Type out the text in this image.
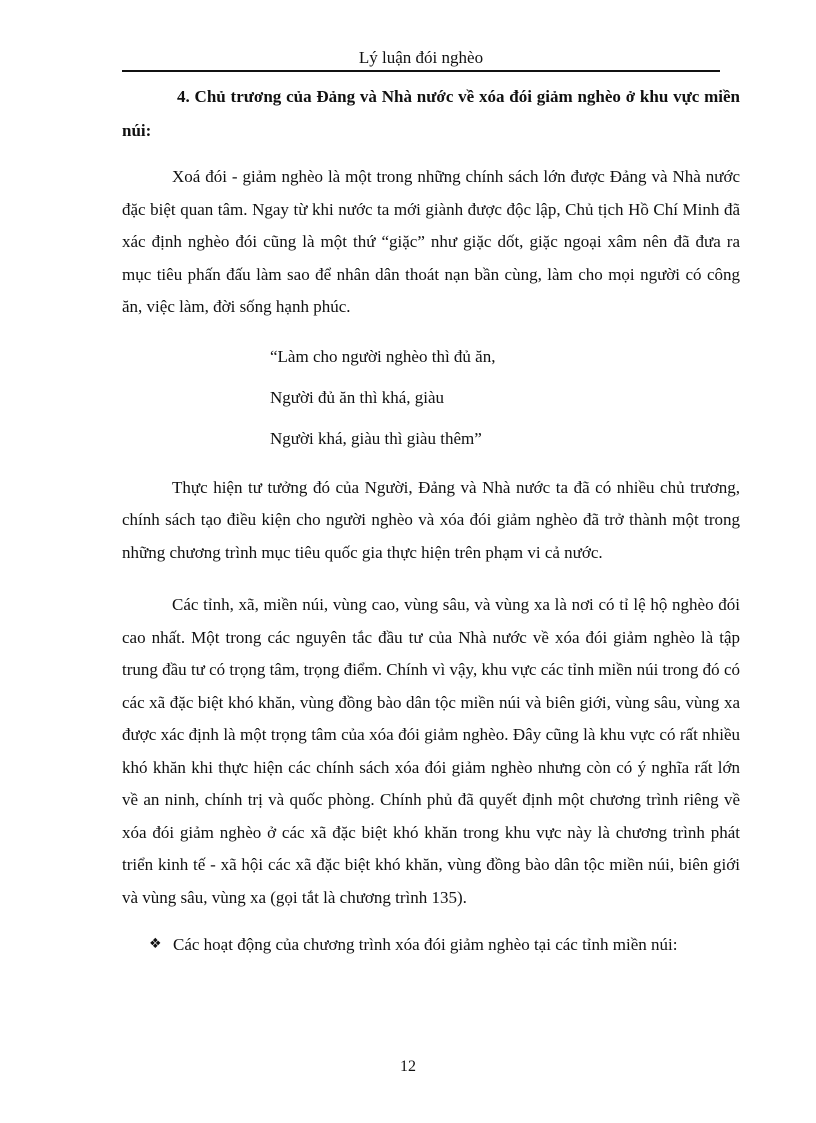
Lý luận đói nghèo

4. Chủ trương của Đảng và Nhà nước về xóa đói giảm nghèo ở khu vực miền núi:

Xoá đói - giảm nghèo là một trong những chính sách lớn được Đảng và Nhà nước đặc biệt quan tâm. Ngay từ khi nước ta mới giành được độc lập, Chủ tịch Hồ Chí Minh đã xác định nghèo đói cũng là một thứ “giặc” như giặc dốt, giặc ngoại xâm nên đã đưa ra mục tiêu phấn đấu làm sao để nhân dân thoát nạn bần cùng, làm cho mọi người có công ăn, việc làm, đời sống hạnh phúc.

“Làm cho người nghèo thì đủ ăn,
Người đủ ăn thì khá, giàu
Người khá, giàu thì giàu thêm”

Thực hiện tư tưởng đó của Người, Đảng và Nhà nước ta đã có nhiều chủ trương, chính sách tạo điều kiện cho người nghèo và xóa đói giảm nghèo đã trở thành một trong những chương trình mục tiêu quốc gia thực hiện trên phạm vi cả nước.

Các tỉnh, xã, miền núi, vùng cao, vùng sâu, và vùng xa là nơi có tỉ lệ hộ nghèo đói cao nhất. Một trong các nguyên tắc đầu tư của Nhà nước về xóa đói giảm nghèo là tập trung đầu tư có trọng tâm, trọng điểm. Chính vì vậy, khu vực các tỉnh miền núi trong đó có các xã đặc biệt khó khăn, vùng đồng bào dân tộc miền núi và biên giới, vùng sâu, vùng xa được xác định là một trọng tâm của xóa đói giảm nghèo. Đây cũng là khu vực có rất nhiều khó khăn khi thực hiện các chính sách xóa đói giảm nghèo nhưng còn có ý nghĩa rất lớn về an ninh, chính trị và quốc phòng. Chính phủ đã quyết định một chương trình riêng về xóa đói giảm nghèo ở các xã đặc biệt khó khăn trong khu vực này là chương trình phát triển kinh tế - xã hội các xã đặc biệt khó khăn, vùng đồng bào dân tộc miền núi, biên giới và vùng sâu, vùng xa (gọi tắt là chương trình 135).

❖ Các hoạt động của chương trình xóa đói giảm nghèo tại các tỉnh miền núi:
12
